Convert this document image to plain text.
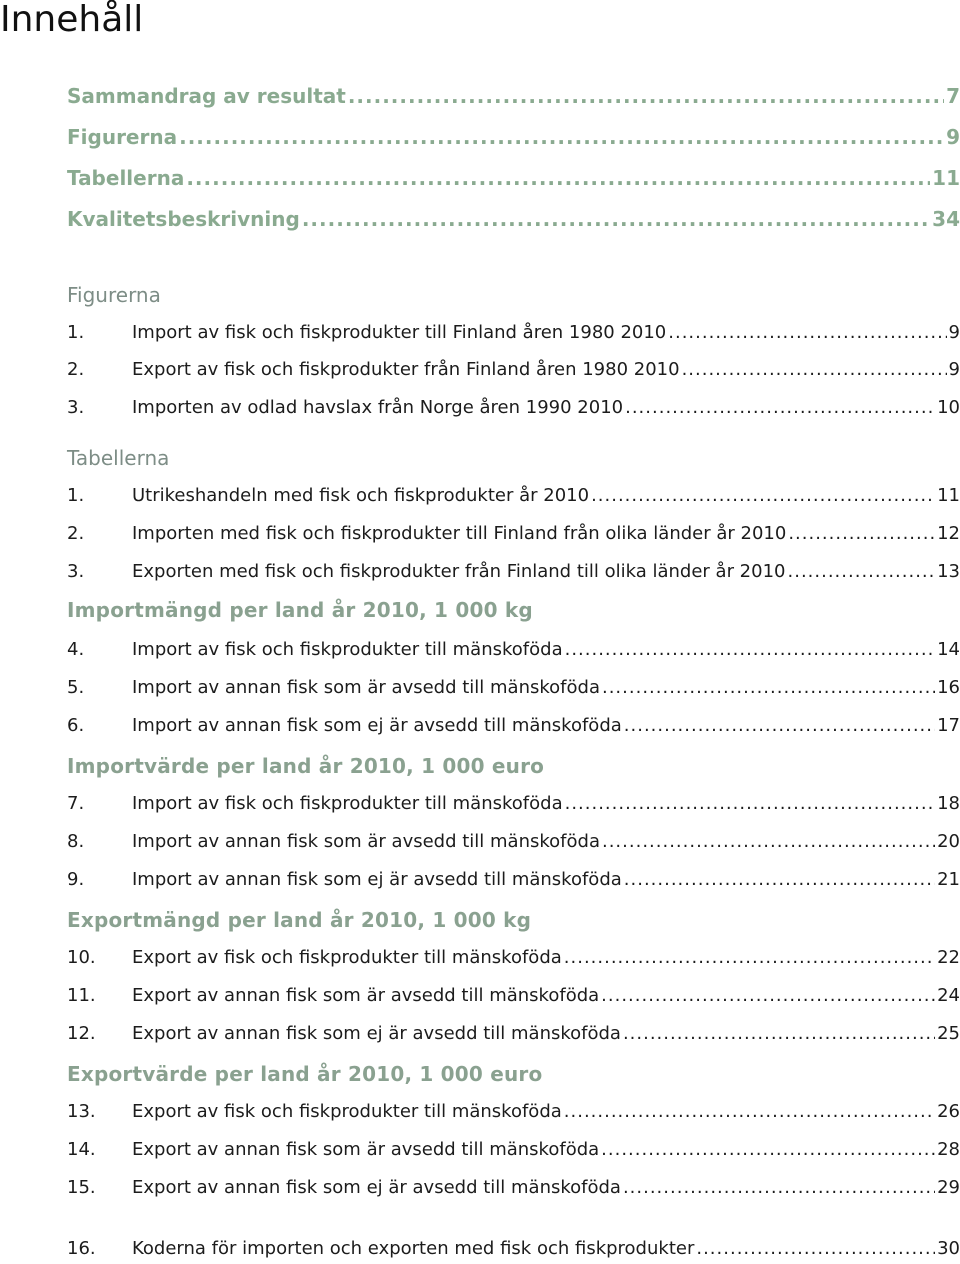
Innehåll
Sammandrag av resultat .....	7
Figurerna .....	9
Tabellerna .....	11
Kvalitetsbeskrivning .....	34
Figurerna
1.	Import av fisk och fiskprodukter till Finland åren 1980 2010 .....	9
2.	Export av fisk och fiskprodukter från Finland åren 1980 2010 .....	9
3.	Importen av odlad havslax från Norge åren 1990 2010 .....	10
Tabellerna
1.	Utrikeshandeln med fisk och fiskprodukter år 2010 .....	11
2.	Importen med fisk och fiskprodukter till Finland från olika länder år 2010 .....	12
3.	Exporten med fisk och fiskprodukter från Finland till olika länder år 2010 .....	13
Importmängd per land år 2010, 1 000 kg
4.	Import av fisk och fiskprodukter till mänskoföda .....	14
5.	Import av annan fisk som är avsedd till mänskoföda .....	16
6.	Import av annan fisk som ej är avsedd till mänskoföda .....	17
Importvärde per land år 2010, 1 000 euro
7.	Import av fisk och fiskprodukter till mänskoföda .....	18
8.	Import av annan fisk som är avsedd till mänskoföda .....	20
9.	Import av annan fisk som ej är avsedd till mänskoföda .....	21
Exportmängd per land år 2010, 1 000 kg
10.	Export av fisk och fiskprodukter till mänskoföda .....	22
11.	Export av annan fisk som är avsedd till mänskoföda .....	24
12.	Export av annan fisk som ej är avsedd till mänskoföda .....	25
Exportvärde per land år 2010, 1 000 euro
13.	Export av fisk och fiskprodukter till mänskoföda .....	26
14.	Export av annan fisk som är avsedd till mänskoföda .....	28
15.	Export av annan fisk som ej är avsedd till mänskoföda .....	29
16.	Koderna för importen och exporten med fisk och fiskprodukter .....	30
